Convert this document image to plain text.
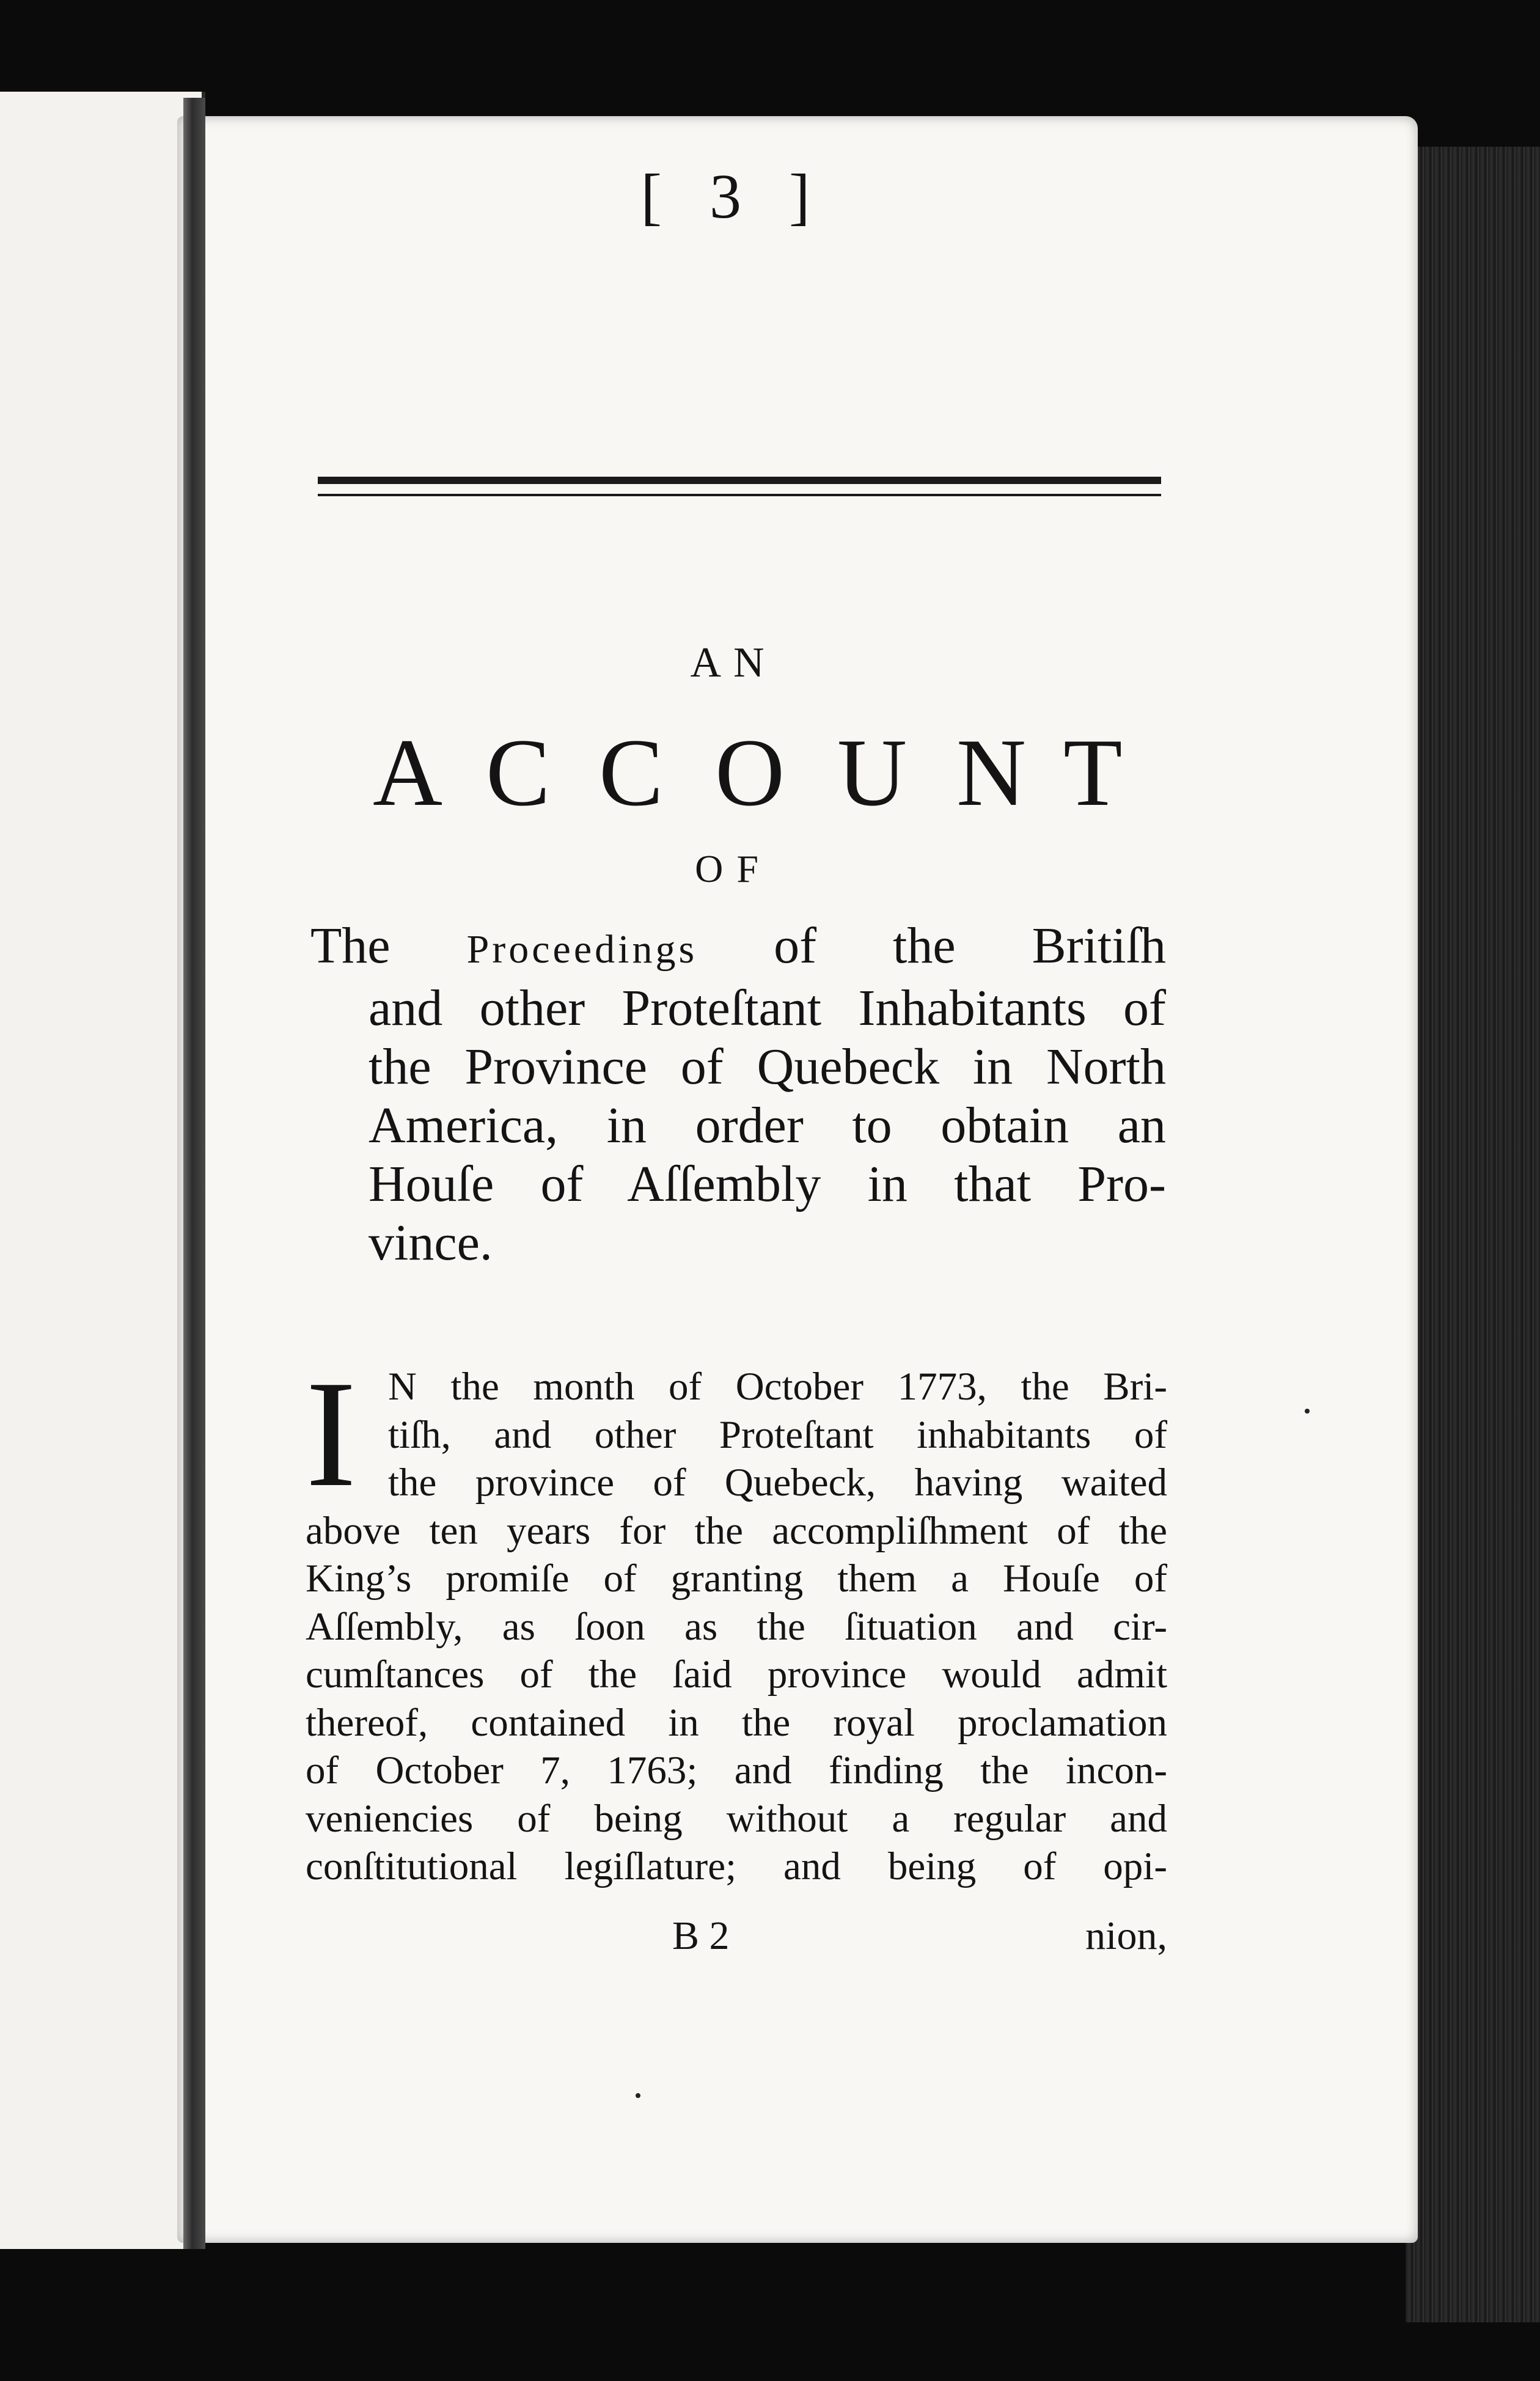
[ 3 ]
AN
A C C O U N T
OF
The Proceedings of the Britiſh
and other Proteſtant Inhabitants of
the Province of Quebeck in North
America, in order to obtain an
Houſe of Aſſembly in that Pro-
vince.
I N the month of October 1773, the Bri-
tiſh, and other Proteſtant inhabitants of
the province of Quebeck, having waited
above ten years for the accompliſhment of the
King’s promiſe of granting them a Houſe of
Aſſembly, as ſoon as the ſituation and cir-
cumſtances of the ſaid province would admit
thereof, contained in the royal proclamation
of October 7, 1763; and finding the incon-
veniencies of being without a regular and
conſtitutional legiſlature; and being of opi-
B 2	nion,
